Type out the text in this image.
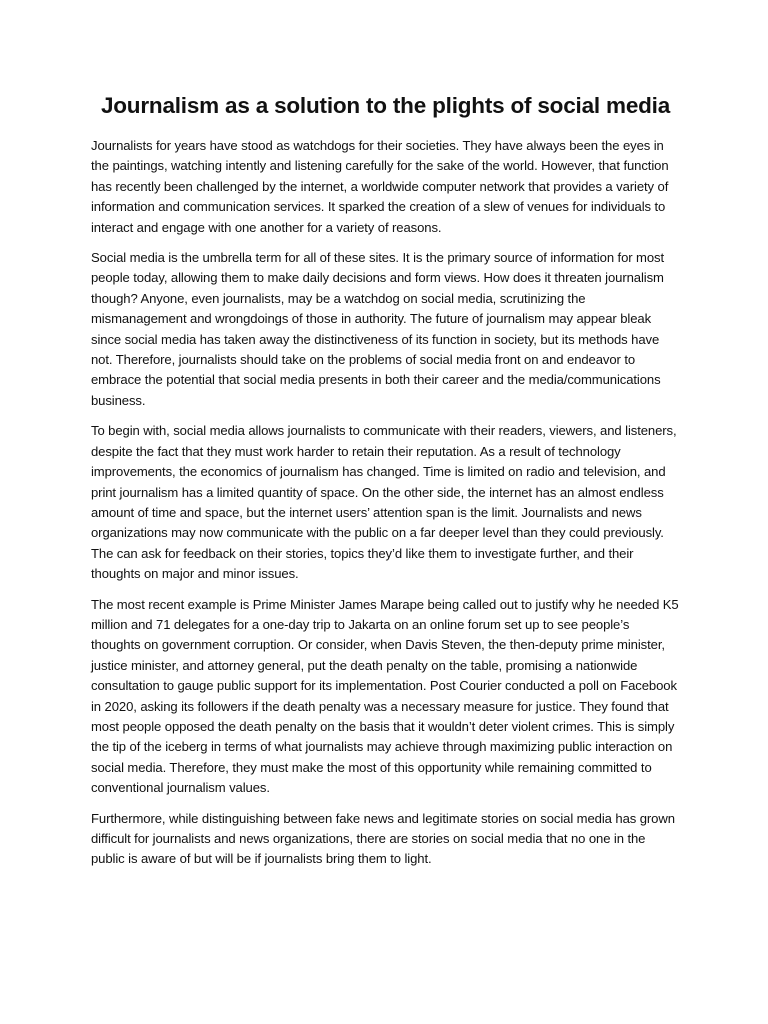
Journalism as a solution to the plights of social media

Journalists for years have stood as watchdogs for their societies. They have always been the eyes in the paintings, watching intently and listening carefully for the sake of the world. However, that function has recently been challenged by the internet, a worldwide computer network that provides a variety of information and communication services. It sparked the creation of a slew of venues for individuals to interact and engage with one another for a variety of reasons.

Social media is the umbrella term for all of these sites. It is the primary source of information for most people today, allowing them to make daily decisions and form views. How does it threaten journalism though? Anyone, even journalists, may be a watchdog on social media, scrutinizing the mismanagement and wrongdoings of those in authority. The future of journalism may appear bleak since social media has taken away the distinctiveness of its function in society, but its methods have not. Therefore, journalists should take on the problems of social media front on and endeavor to embrace the potential that social media presents in both their career and the media/communications business.

To begin with, social media allows journalists to communicate with their readers, viewers, and listeners, despite the fact that they must work harder to retain their reputation. As a result of technology improvements, the economics of journalism has changed. Time is limited on radio and television, and print journalism has a limited quantity of space. On the other side, the internet has an almost endless amount of time and space, but the internet users’ attention span is the limit. Journalists and news organizations may now communicate with the public on a far deeper level than they could previously. The can ask for feedback on their stories, topics they’d like them to investigate further, and their thoughts on major and minor issues.

The most recent example is Prime Minister James Marape being called out to justify why he needed K5 million and 71 delegates for a one-day trip to Jakarta on an online forum set up to see people’s thoughts on government corruption. Or consider, when Davis Steven, the then-deputy prime minister, justice minister, and attorney general, put the death penalty on the table, promising a nationwide consultation to gauge public support for its implementation. Post Courier conducted a poll on Facebook in 2020, asking its followers if the death penalty was a necessary measure for justice. They found that most people opposed the death penalty on the basis that it wouldn’t deter violent crimes. This is simply the tip of the iceberg in terms of what journalists may achieve through maximizing public interaction on social media. Therefore, they must make the most of this opportunity while remaining committed to conventional journalism values.

Furthermore, while distinguishing between fake news and legitimate stories on social media has grown difficult for journalists and news organizations, there are stories on social media that no one in the public is aware of but will be if journalists bring them to light.
